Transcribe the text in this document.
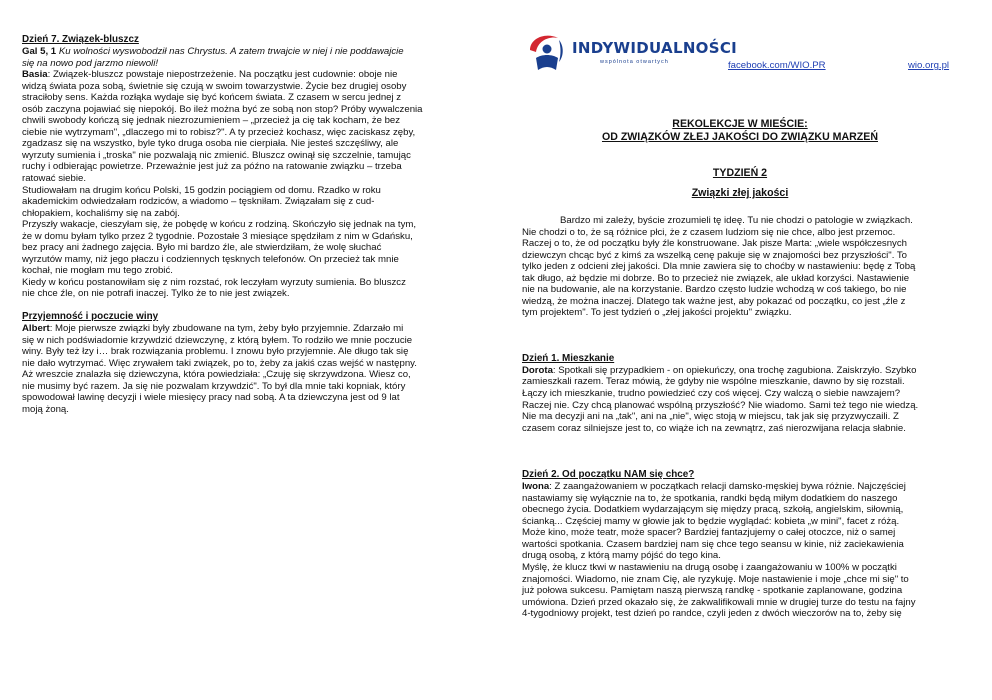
Dzień 7. Związek-bluszcz

Gal 5, 1 Ku wolności wyswobodził nas Chrystus. A zatem trwajcie w niej i nie poddawajcie

się na nowo pod jarzmo niewoli!

Basia: Związek-bluszcz powstaje niepostrzeżenie. Na początku jest cudownie: oboje nie
widzą świata poza sobą, świetnie się czują w swoim towarzystwie. Życie bez drugiej osoby
straciłoby sens. Każda rozłąka wydaje się być końcem świata. Z czasem w sercu jednej z
osób zaczyna pojawiać się niepokój. Bo ileż można być ze sobą non stop? Próby wywalczenia
chwili swobody kończą się jednak niezrozumieniem – „przecież ja cię tak kocham, że bez
ciebie nie wytrzymam", „dlaczego mi to robisz?". A ty przecież kochasz, więc zaciskasz zęby,
zgadzasz się na wszystko, byle tyko druga osoba nie cierpiała. Nie jesteś szczęśliwy, ale
wyrzuty sumienia i „troska" nie pozwalają nic zmienić. Bluszcz owinął się szczelnie, tamując
ruchy i odbierając powietrze. Przeważnie jest już za późno na ratowanie związku – trzeba
ratować siebie.
Studiowałam na drugim końcu Polski, 15 godzin pociągiem od domu. Rzadko w roku
akademickim odwiedzałam rodziców, a wiadomo – tęskniłam. Związałam się z cud-
chłopakiem, kochaliśmy się na zabój.
Przyszły wakacje, cieszyłam się, że pobędę w końcu z rodziną. Skończyło się jednak na tym,
że w domu byłam tylko przez 2 tygodnie. Pozostałe 3 miesiące spędziłam z nim w Gdańsku,
bez pracy ani żadnego zajęcia. Było mi bardzo źle, ale stwierdziłam, że wolę słuchać
wyrzutów mamy, niż jego płaczu i codziennych tęsknych telefonów. On przecież tak mnie
kochał, nie mogłam mu tego zrobić.
Kiedy w końcu postanowiłam się z nim rozstać, rok leczyłam wyrzuty sumienia. Bo bluszcz
nie chce źle, on nie potrafi inaczej. Tylko że to nie jest związek.

Przyjemność i poczucie winy

Albert: Moje pierwsze związki były zbudowane na tym, żeby było przyjemnie. Zdarzało mi
się w nich podświadomie krzywdzić dziewczynę, z którą byłem. To rodziło we mnie poczucie
winy. Były też łzy i… brak rozwiązania problemu. I znowu było przyjemnie. Ale długo tak się
nie dało wytrzymać. Więc zrywałem taki związek, po to, żeby za jakiś czas wejść w następny.
Aż wreszcie znalazła się dziewczyna, która powiedziała: „Czuję się skrzywdzona. Wiesz co,
nie musimy być razem. Ja się nie pozwalam krzywdzić". To był dla mnie taki kopniak, który
spowodował lawinę decyzji i wiele miesięcy pracy nad sobą. A ta dziewczyna jest od 9 lat
moją żoną.
INDYWIDUALNOŚCI
wspólnota otwartych	facebook.com/WIO.PR	wio.org.pl

REKOLEKCJE W MIEŚCIE:

OD ZWIĄZKÓW ZŁEJ JAKOŚCI DO ZWIĄZKU MARZEŃ

TYDZIEŃ 2

Związki złej jakości

Bardzo mi zależy, byście zrozumieli tę ideę. Tu nie chodzi o patologie w związkach.
Nie chodzi o to, że są różnice płci, że z czasem ludziom się nie chce, albo jest przemoc.
Raczej o to, że od początku były źle konstruowane. Jak pisze Marta: „wiele współczesnych
dziewczyn chcąc być z kimś za wszelką cenę pakuje się w znajomości bez przyszłości". To
tylko jeden z odcieni złej jakości. Dla mnie zawiera się to choćby w nastawieniu: będę z Tobą
tak długo, aż będzie mi dobrze. Bo to przecież nie związek, ale układ korzyści. Nastawienie
nie na budowanie, ale na korzystanie. Bardzo często ludzie wchodzą w coś takiego, bo nie
wiedzą, że można inaczej. Dlatego tak ważne jest, aby pokazać od początku, co jest „źle z
tym projektem". To jest tydzień o „złej jakości projektu" związku.

Dzień 1. Mieszkanie

Dorota: Spotkali się przypadkiem - on opiekuńczy, ona trochę zagubiona. Zaiskrzyło. Szybko
zamieszkali razem. Teraz mówią, że gdyby nie wspólne mieszkanie, dawno by się rozstali.
Łączy ich mieszkanie, trudno powiedzieć czy coś więcej. Czy walczą o siebie nawzajem?
Raczej nie. Czy chcą planować wspólną przyszłość? Nie wiadomo. Sami też tego nie wiedzą.
Nie ma decyzji ani na „tak", ani na „nie", więc stoją w miejscu, tak jak się przyzwyczaili. Z
czasem coraz silniejsze jest to, co wiąże ich na zewnątrz, zaś nierozwijana relacja słabnie.

Dzień 2. Od początku NAM się chce?

Iwona: Z zaangażowaniem w początkach relacji damsko-męskiej bywa różnie. Najczęściej
nastawiamy się wyłącznie na to, że spotkania, randki będą miłym dodatkiem do naszego
obecnego życia. Dodatkiem wydarzającym się między pracą, szkołą, angielskim, siłownią,
ścianką... Częściej mamy w głowie jak to będzie wyglądać: kobieta „w mini", facet z różą.
Może kino, może teatr, może spacer? Bardziej fantazjujemy o całej otoczce, niż o samej
wartości spotkania. Czasem bardziej nam się chce tego seansu w kinie, niż zaciekawienia
drugą osobą, z którą mamy pójść do tego kina.
Myślę, że klucz tkwi w nastawieniu na drugą osobę i zaangażowaniu w 100% w początki
znajomości. Wiadomo, nie znam Cię, ale ryzykuję. Moje nastawienie i moje „chce mi się" to
już połowa sukcesu. Pamiętam naszą pierwszą randkę - spotkanie zaplanowane, godzina
umówiona. Dzień przed okazało się, że zakwalifikowali mnie w drugiej turze do testu na fajny
4-tygodniowy projekt, test dzień po randce, czyli jeden z dwóch wieczorów na to, żeby się
